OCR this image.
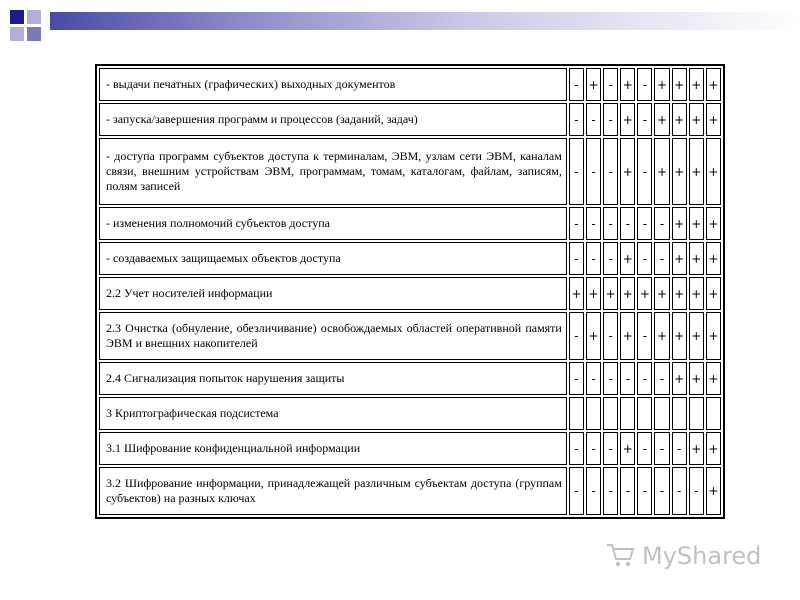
- выдачи печатных (графических) выходных документов	-	+	-	+	-	+	+	+	+
- запуска/завершения программ и процессов (заданий, задач)	-	-	-	+	-	+	+	+	+
- доступа программ субъектов доступа к терминалам, ЭВМ, узлам сети ЭВМ, каналам связи, внешним устройствам ЭВМ, программам, томам, каталогам, файлам, записям, полям записей	-	-	-	+	-	+	+	+	+
- изменения полномочий субъектов доступа	-	-	-	-	-	-	+	+	+
- создаваемых защищаемых объектов доступа	-	-	-	+	-	-	+	+	+
2.2 Учет носителей информации	+	+	+	+	+	+	+	+	+
2.3 Очистка (обнуление, обезличивание) освобождаемых областей оперативной памяти ЭВМ и внешних накопителей	-	+	-	+	-	+	+	+	+
2.4 Сигнализация попыток нарушения защиты	-	-	-	-	-	-	+	+	+
3 Криптографическая подсистема									
3.1 Шифрование конфиденциальной информации	-	-	-	+	-	-	-	+	+
3.2 Шифрование информации, принадлежащей различным субъектам доступа (группам субъектов) на разных ключах	-	-	-	-	-	-	-	-	+
MyShared
